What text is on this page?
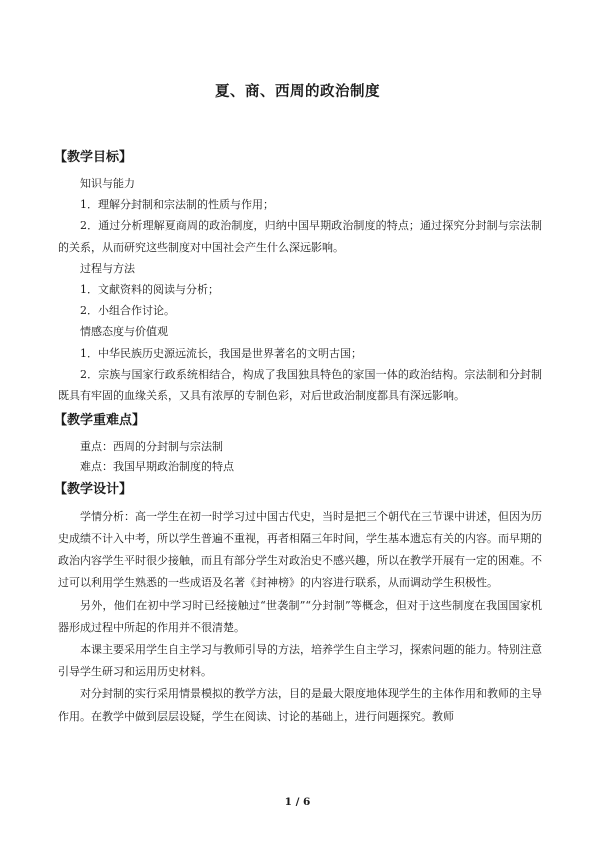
夏、商、西周的政治制度
【教学目标】

知识与能力

1．理解分封制和宗法制的性质与作用；

2．通过分析理解夏商周的政治制度，归纳中国早期政治制度的特点；通过探究分封制与宗法制的关系，从而研究这些制度对中国社会产生什么深远影响。

过程与方法

1．文献资料的阅读与分析；

2．小组合作讨论。

情感态度与价值观

1．中华民族历史源远流长，我国是世界著名的文明古国；

2．宗族与国家行政系统相结合，构成了我国独具特色的家国一体的政治结构。宗法制和分封制既具有牢固的血缘关系，又具有浓厚的专制色彩，对后世政治制度都具有深远影响。

【教学重难点】

重点：西周的分封制与宗法制

难点：我国早期政治制度的特点

【教学设计】

学情分析：高一学生在初一时学习过中国古代史，当时是把三个朝代在三节课中讲述，但因为历史成绩不计入中考，所以学生普遍不重视，再者相隔三年时间，学生基本遗忘有关的内容。而早期的政治内容学生平时很少接触，而且有部分学生对政治史不感兴趣，所以在教学开展有一定的困难。不过可以利用学生熟悉的一些成语及名著《封神榜》的内容进行联系，从而调动学生积极性。

另外，他们在初中学习时已经接触过“世袭制”“分封制”等概念，但对于这些制度在我国国家机器形成过程中所起的作用并不很清楚。

本课主要采用学生自主学习与教师引导的方法，培养学生自主学习，探索问题的能力。特别注意引导学生研习和运用历史材料。

对分封制的实行采用情景模拟的教学方法，目的是最大限度地体现学生的主体作用和教师的主导作用。在教学中做到层层设疑，学生在阅读、讨论的基础上，进行问题探究。教师

1 / 6
